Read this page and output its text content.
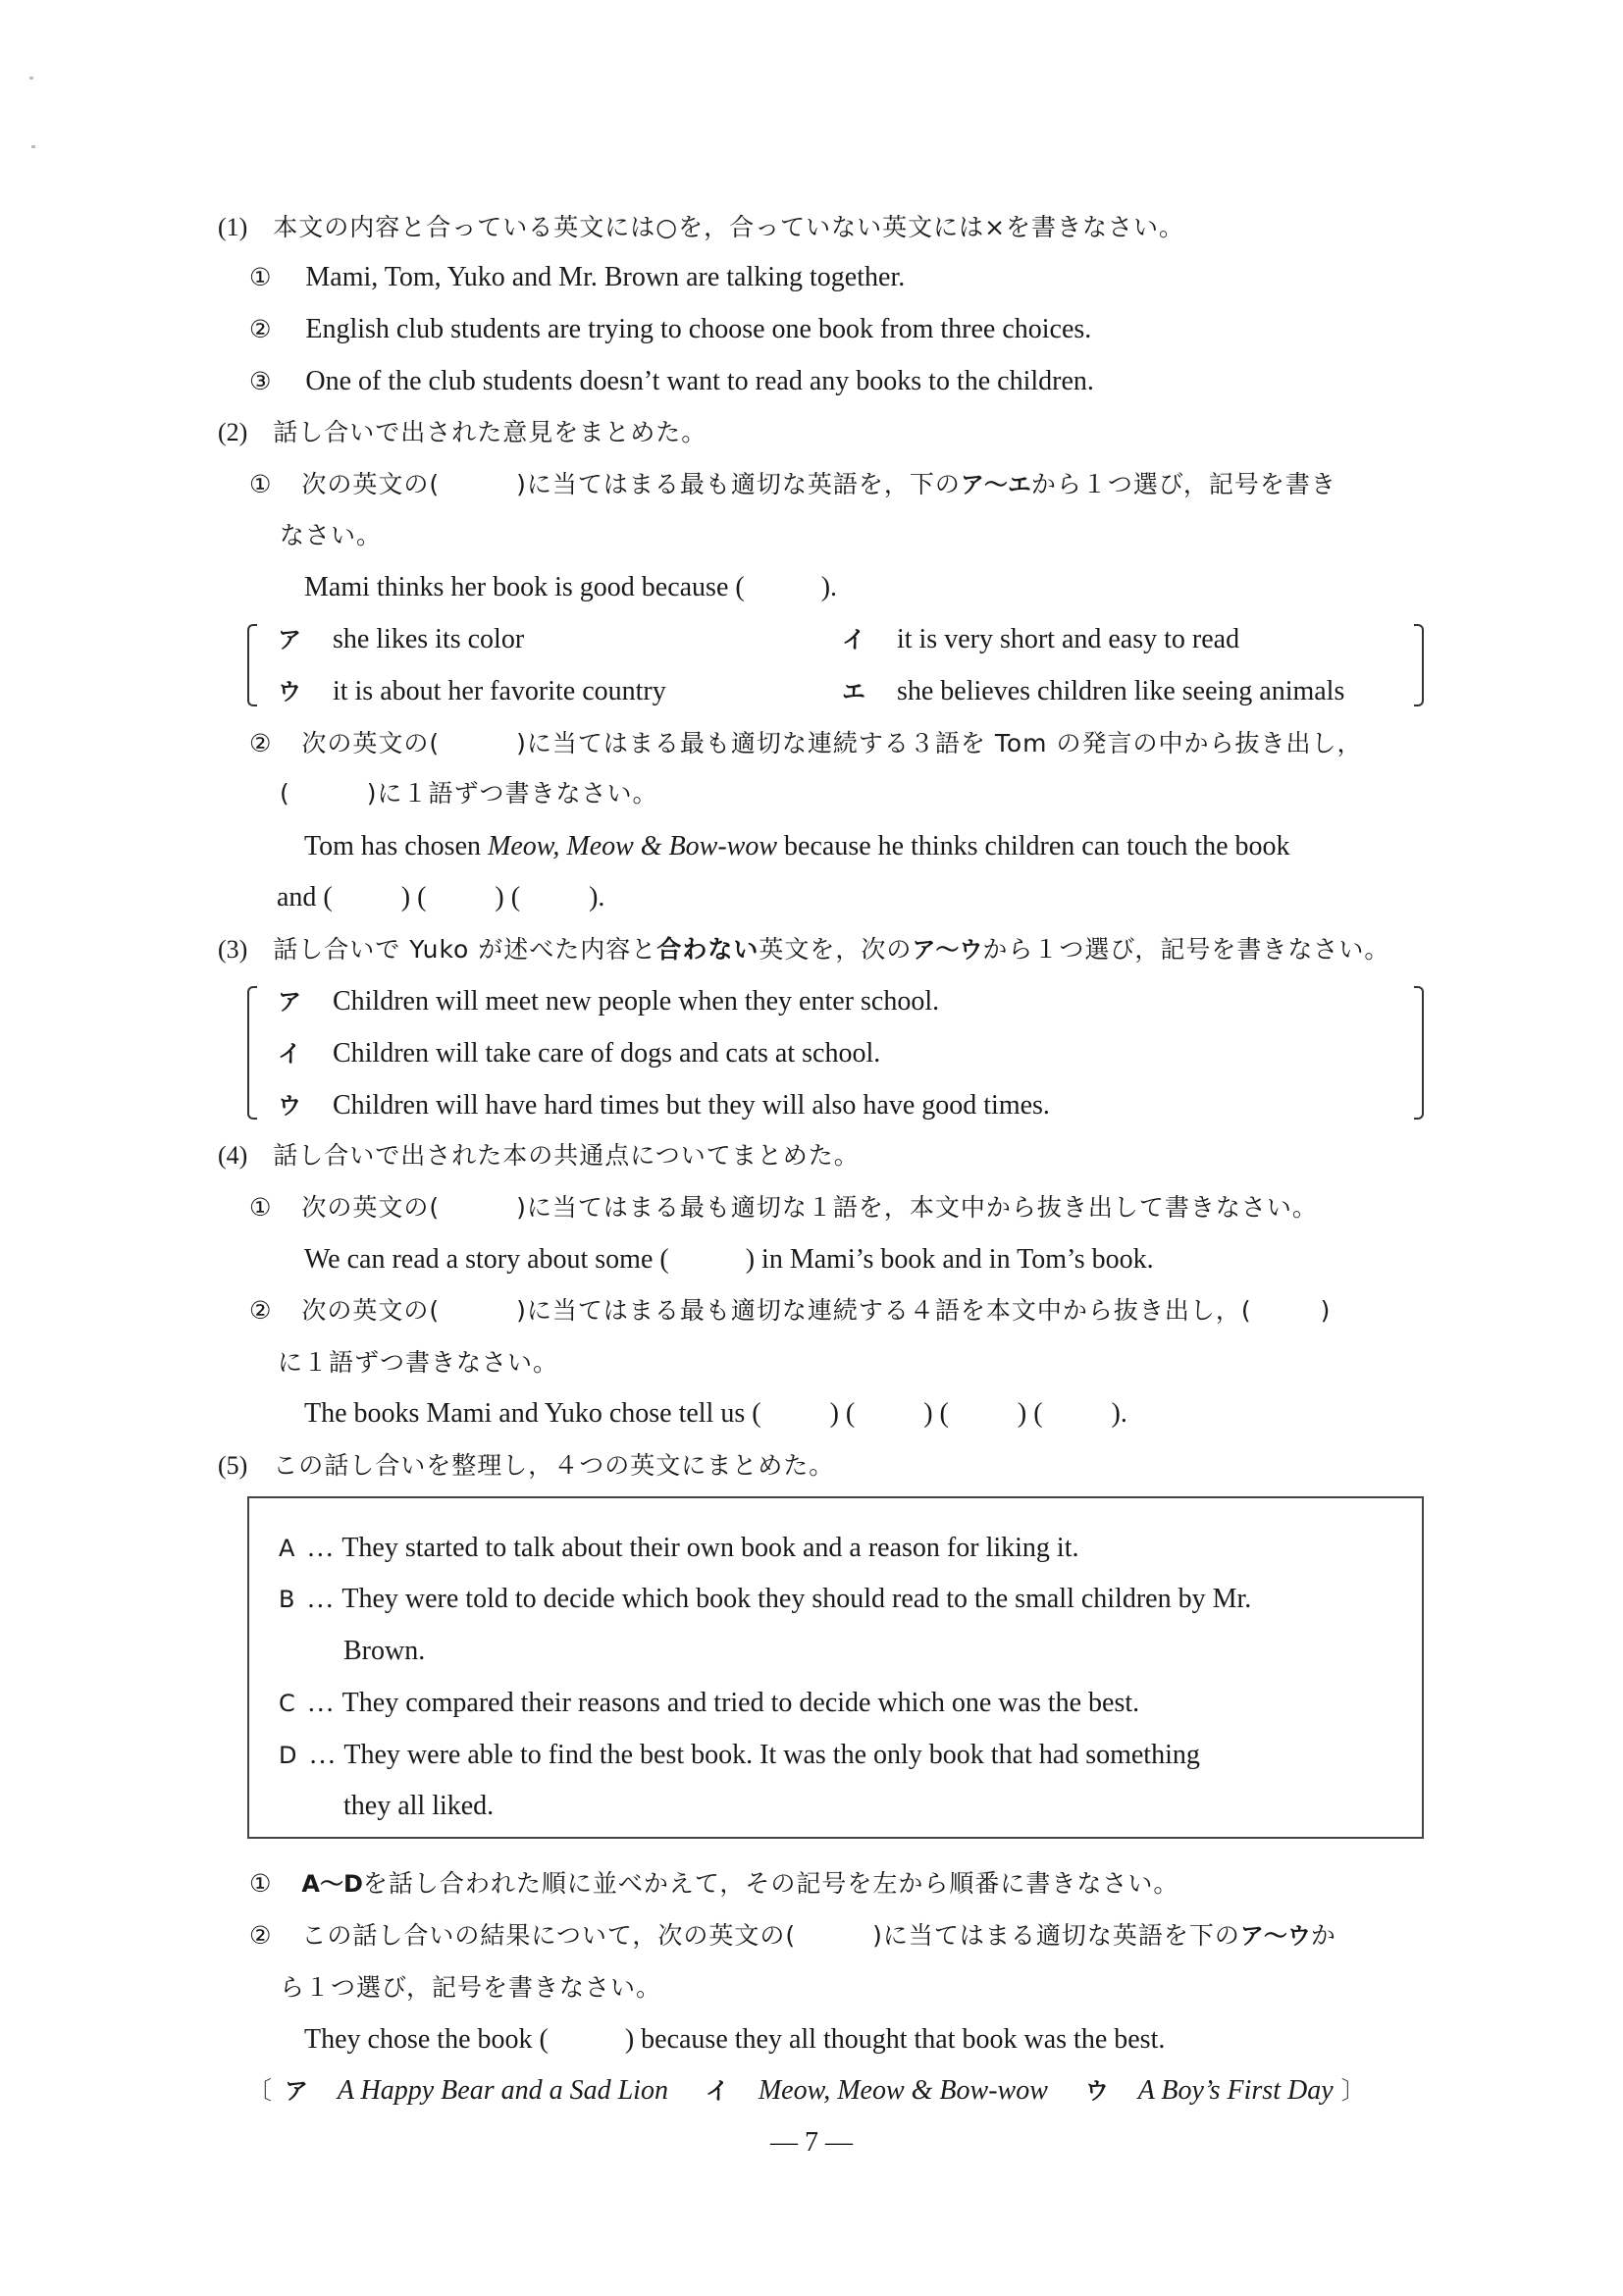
(1) 本文の内容と合っている英文には○を，合っていない英文には×を書きなさい。
① Mami, Tom, Yuko and Mr. Brown are talking together.
② English club students are trying to choose one book from three choices.
③ One of the club students doesn’t want to read any books to the children.
(2) 話し合いで出された意見をまとめた。
① 次の英文の(	)に当てはまる最も適切な英語を，下のア～エから１つ選び，記号を書き
なさい。
Mami thinks her book is good because (	).
ア she likes its color	イ it is very short and easy to read
ウ it is about her favorite country	エ she believes children like seeing animals
② 次の英文の(	)に当てはまる最も適切な連続する３語を Tom の発言の中から抜き出し，
(	)に１語ずつ書きなさい。
Tom has chosen Meow, Meow & Bow-wow because he thinks children can touch the book
and (	) (	) (	).
(3) 話し合いで Yuko が述べた内容と合わない英文を，次のア～ウから１つ選び，記号を書きなさい。
ア Children will meet new people when they enter school.
イ Children will take care of dogs and cats at school.
ウ Children will have hard times but they will also have good times.
(4) 話し合いで出された本の共通点についてまとめた。
① 次の英文の(	)に当てはまる最も適切な１語を，本文中から抜き出して書きなさい。
We can read a story about some (	) in Mami’s book and in Tom’s book.
② 次の英文の(	)に当てはまる最も適切な連続する４語を本文中から抜き出し，(	)
に１語ずつ書きなさい。
The books Mami and Yuko chose tell us (	) (	) (	) (	).
(5) この話し合いを整理し，４つの英文にまとめた。
A … They started to talk about their own book and a reason for liking it.
B … They were told to decide which book they should read to the small children by Mr.
Brown.
C … They compared their reasons and tried to decide which one was the best.
D … They were able to find the best book. It was the only book that had something
they all liked.
① A～Dを話し合われた順に並べかえて，その記号を左から順番に書きなさい。
② この話し合いの結果について，次の英文の(	)に当てはまる適切な英語を下のア～ウか
ら１つ選び，記号を書きなさい。
They chose the book (	) because they all thought that book was the best.
〔 ア A Happy Bear and a Sad Lion イ Meow, Meow & Bow-wow ウ A Boy’s First Day 〕
— 7 —
